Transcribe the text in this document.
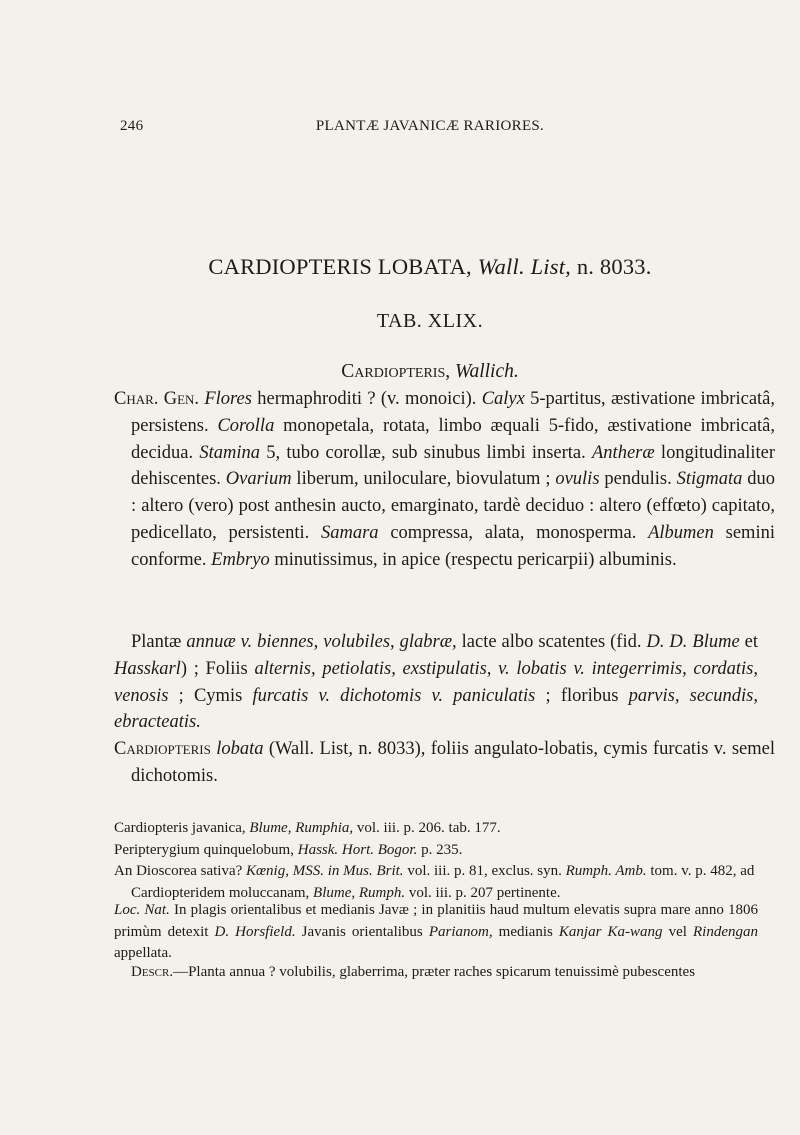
246	PLANTÆ JAVANICÆ RARIORES.
CARDIOPTERIS LOBATA, Wall. List, n. 8033.
TAB. XLIX.
Cardiopteris, Wallich.
Char. Gen. Flores hermaphroditi ? (v. monoici). Calyx 5-partitus, æstivatione imbricatâ, persistens. Corolla monopetala, rotata, limbo æquali 5-fido, æstivatione imbricatâ, decidua. Stamina 5, tubo corollæ, sub sinubus limbi inserta. Antheræ longitudinaliter dehiscentes. Ovarium liberum, uniloculare, biovulatum ; ovulis pendulis. Stigmata duo : altero (vero) post anthesin aucto, emarginato, tardè deciduo : altero (effœto) capitato, pedicellato, persistenti. Samara compressa, alata, monosperma. Albumen semini conforme. Embryo minutissimus, in apice (respectu pericarpii) albuminis.
Plantæ annuæ v. biennes, volubiles, glabræ, lacte albo scatentes (fid. D. D. Blume et Hasskarl) ; Foliis alternis, petiolatis, exstipulatis, v. lobatis v. integerrimis, cordatis, venosis ; Cymis furcatis v. dichotomis v. paniculatis ; floribus parvis, secundis, ebracteatis.
Cardiopteris lobata (Wall. List, n. 8033), foliis angulato-lobatis, cymis furcatis v. semel dichotomis.

Cardiopteris javanica, Blume, Rumphia, vol. iii. p. 206. tab. 177.

Peripterygium quinquelobum, Hassk. Hort. Bogor. p. 235.

An Dioscorea sativa? Kœnig, MSS. in Mus. Brit. vol. iii. p. 81, exclus. syn. Rumph. Amb. tom. v. p. 482, ad Cardiopteridem moluccanam, Blume, Rumph. vol. iii. p. 207 pertinente.

Loc. Nat. In plagis orientalibus et medianis Javæ ; in planitiis haud multum elevatis supra mare anno 1806 primùm detexit D. Horsfield. Javanis orientalibus Parianom, medianis Kanjar Ka-wang vel Rindengan appellata.
Descr.—Planta annua ? volubilis, glaberrima, præter raches spicarum tenuissimè pubescentes
